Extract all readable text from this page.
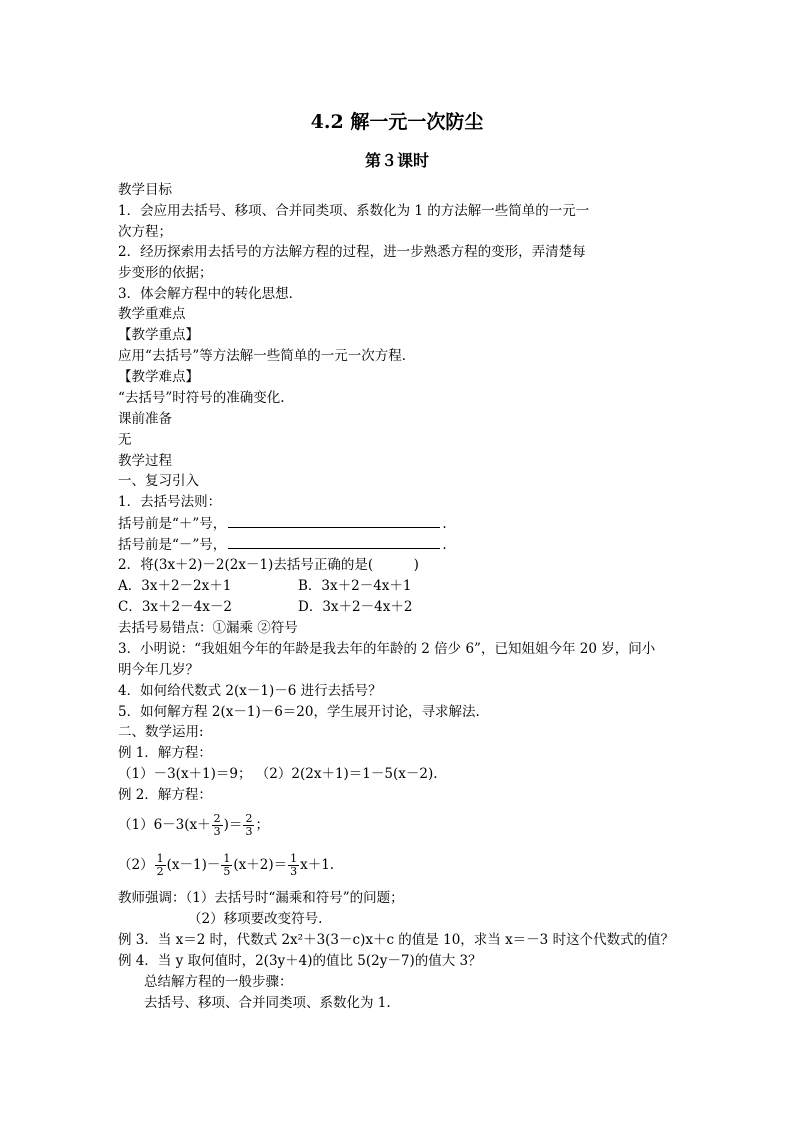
4.2 解一元一次防尘
第３课时
教学目标
1．会应用去括号、移项、合并同类项、系数化为 1 的方法解一些简单的一元一
次方程；
2．经历探索用去括号的方法解方程的过程，进一步熟悉方程的变形，弄清楚每
步变形的依据；
3．体会解方程中的转化思想．
教学重难点
【教学重点】
应用“去括号”等方法解一些简单的一元一次方程．
【教学难点】
“去括号”时符号的准确变化.
课前准备
无
教学过程
一、复习引入
1．去括号法则：
括号前是“＋”号，	.
括号前是“－”号，	.
2．将(3x＋2)－2(2x－1)去括号正确的是(　　　)
A．3x＋2－2x＋1	B．3x＋2－4x＋1
C．3x＋2－4x－2	D．3x＋2－4x＋2
去括号易错点：①漏乘 ②符号
3．小明说：“我姐姐今年的年龄是我去年的年龄的 2 倍少 6”，已知姐姐今年 20 岁，问小
明今年几岁？
4．如何给代数式 2(x－1)－6 进行去括号？
5．如何解方程 2(x－1)－6＝20，学生展开讨论，寻求解法.
二、数学运用:
例 1．解方程：
（1）－3(x＋1)＝9； （2）2(2x＋1)＝1－5(x－2).
例 2．解方程：
$(1)6-3(x+ \frac{2}{3}$ )＝ $\frac{2}{3}$ ；
$(2) \frac{1}{2} (x-1)- \frac{1}{5} (x+2)= \frac{1}{3} x+1$.
教师强调：（1）去括号时“漏乘和符号”的问题；
（2）移项要改变符号.
例 3．当 x＝2 时，代数式 2x²＋3(3－c)x＋c 的值是 10，求当 x＝－3 时这个代数式的值？
例 4．当 y 取何值时，2(3y＋4)的值比 5(2y－7)的值大 3？
总结解方程的一般步骤：
去括号、移项、合并同类项、系数化为 1.
